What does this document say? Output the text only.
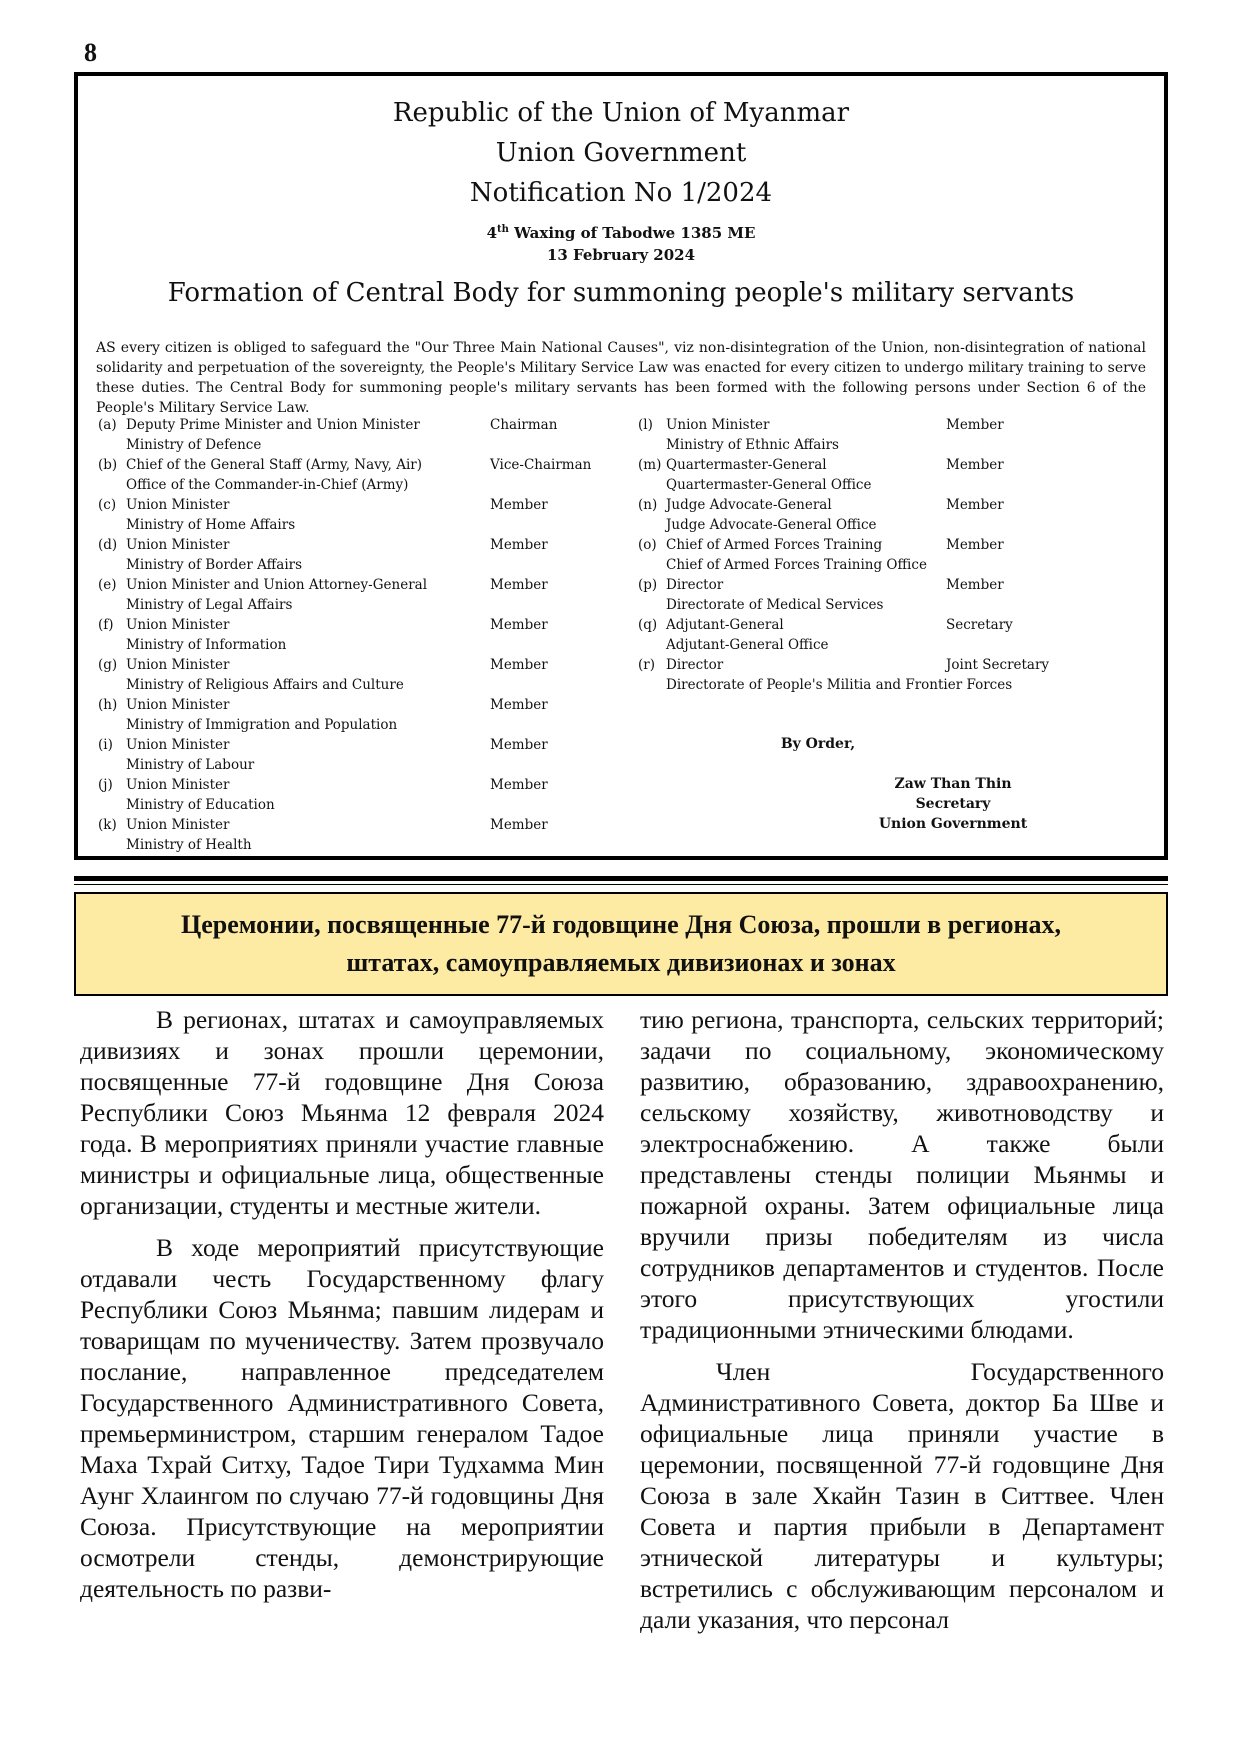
8
Republic of the Union of Myanmar
Union Government
Notification No 1/2024
4th Waxing of Tabodwe 1385 ME
13 February 2024
Formation of Central Body for summoning people's military servants
AS every citizen is obliged to safeguard the "Our Three Main National Causes", viz non-disintegration of the Union, non-disintegration of national solidarity and perpetuation of the sovereignty, the People's Military Service Law was enacted for every citizen to undergo military training to serve these duties. The Central Body for summoning people's military servants has been formed with the following persons under Section 6 of the People's Military Service Law.
(a) Deputy Prime Minister and Union Minister
Ministry of Defence
Chairman
(b) Chief of the General Staff (Army, Navy, Air)
Office of the Commander-in-Chief (Army)
Vice-Chairman
(c) Union Minister
Ministry of Home Affairs
Member
(d) Union Minister
Ministry of Border Affairs
Member
(e) Union Minister and Union Attorney-General
Ministry of Legal Affairs
Member
(f) Union Minister
Ministry of Information
Member
(g) Union Minister
Ministry of Religious Affairs and Culture
Member
(h) Union Minister
Ministry of Immigration and Population
Member
(i) Union Minister
Ministry of Labour
Member
(j) Union Minister
Ministry of Education
Member
(k) Union Minister
Ministry of Health
Member
(l) Union Minister
Ministry of Ethnic Affairs
Member
(m) Quartermaster-General
Quartermaster-General Office
Member
(n) Judge Advocate-General
Judge Advocate-General Office
Member
(o) Chief of Armed Forces Training
Chief of Armed Forces Training Office
Member
(p) Director
Directorate of Medical Services
Member
(q) Adjutant-General
Adjutant-General Office
Secretary
(r) Director
Directorate of People's Militia and Frontier Forces
Joint Secretary
By Order,
Zaw Than Thin
Secretary
Union Government
Церемонии, посвященные 77-й годовщине Дня Союза, прошли в регионах,
штатах, самоуправляемых дивизионах и зонах

В регионах, штатах и самоуправляемых дивизиях и зонах прошли церемонии, посвященные 77-й годовщине Дня Союза Республики Союз Мьянма 12 февраля 2024 года. В мероприятиях приняли участие главные министры и официальные лица, общественные организации, студенты и местные жители.

В ходе мероприятий присутствующие отдавали честь Государственному флагу Республики Союз Мьянма; павшим лидерам и товарищам по мученичеству. Затем прозвучало послание, направленное председателем Государственного Административного Совета, премьерминистром, старшим генералом Тадое Маха Тхрай Ситху, Тадое Тири Тудхамма Мин Аунг Хлаингом по случаю 77-й годовщины Дня Союза. Присутствующие на мероприятии осмотрели стенды, демонстрирующие деятельность по разви-

тию региона, транспорта, сельских территорий; задачи по социальному, экономическому развитию, образованию, здравоохранению, сельскому хозяйству, животноводству и электроснабжению. А также были представлены стенды полиции Мьянмы и пожарной охраны. Затем официальные лица вручили призы победителям из числа сотрудников департаментов и студентов. После этого присутствующих угостили традиционными этническими блюдами.

Член Государственного Административного Совета, доктор Ба Шве и официальные лица приняли участие в церемонии, посвященной 77-й годовщине Дня Союза в зале Хкайн Тазин в Ситтвее. Член Совета и партия прибыли в Департамент этнической литературы и культуры; встретились с обслуживающим персоналом и дали указания, что персонал
